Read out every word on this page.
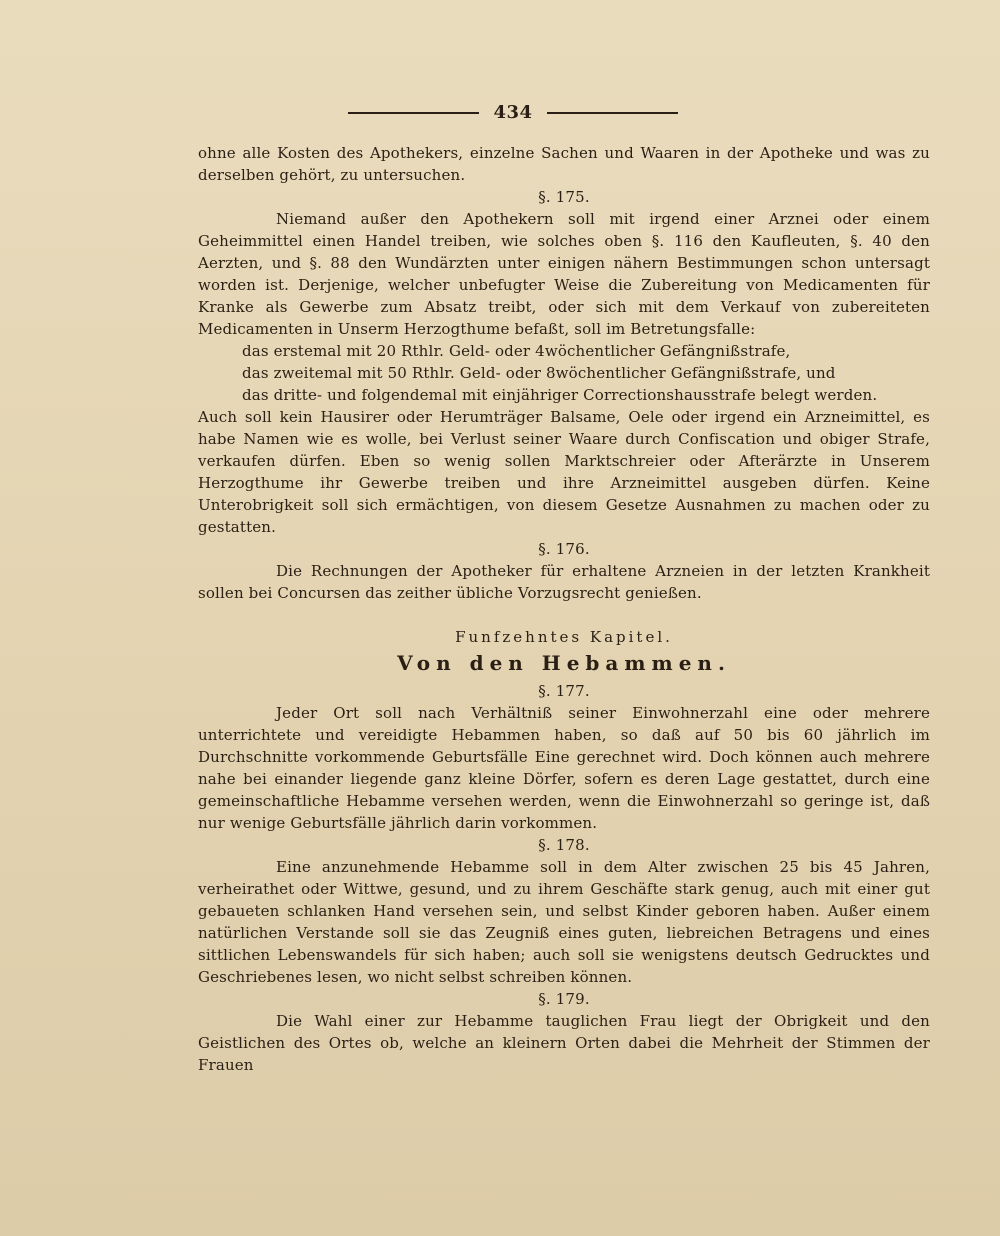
434

ohne alle Kosten des Apothekers, einzelne Sachen und Waaren in der Apotheke und was zu derselben gehört, zu untersuchen.

§. 175.

Niemand außer den Apothekern soll mit irgend einer Arznei oder einem Geheimmittel einen Handel treiben, wie solches oben §. 116 den Kaufleuten, §. 40 den Aerzten, und §. 88 den Wundärzten unter einigen nähern Bestimmungen schon untersagt worden ist. Derjenige, welcher unbefugter Weise die Zubereitung von Medicamenten für Kranke als Gewerbe zum Absatz treibt, oder sich mit dem Verkauf von zubereiteten Medicamenten in Unserm Herzogthume befaßt, soll im Betretungsfalle:

das erstemal mit 20 Rthlr. Geld- oder 4wöchentlicher Gefängnißstrafe,

das zweitemal mit 50 Rthlr. Geld- oder 8wöchentlicher Gefängnißstrafe, und

das dritte- und folgendemal mit einjähriger Correctionshausstrafe belegt werden.

Auch soll kein Hausirer oder Herumträger Balsame, Oele oder irgend ein Arzneimittel, es habe Namen wie es wolle, bei Verlust seiner Waare durch Confiscation und obiger Strafe, verkaufen dürfen. Eben so wenig sollen Marktschreier oder Afterärzte in Unserem Herzogthume ihr Gewerbe treiben und ihre Arzneimittel ausgeben dürfen. Keine Unterobrigkeit soll sich ermächtigen, von diesem Gesetze Ausnahmen zu machen oder zu gestatten.

§. 176.

Die Rechnungen der Apotheker für erhaltene Arzneien in der letzten Krankheit sollen bei Concursen das zeither übliche Vorzugsrecht genießen.

Funfzehntes Kapitel.

Von den Hebammen.

§. 177.

Jeder Ort soll nach Verhältniß seiner Einwohnerzahl eine oder mehrere unterrichtete und vereidigte Hebammen haben, so daß auf 50 bis 60 jährlich im Durchschnitte vorkommende Geburtsfälle Eine gerechnet wird. Doch können auch mehrere nahe bei einander liegende ganz kleine Dörfer, sofern es deren Lage gestattet, durch eine gemeinschaftliche Hebamme versehen werden, wenn die Einwohnerzahl so geringe ist, daß nur wenige Geburtsfälle jährlich darin vorkommen.

§. 178.

Eine anzunehmende Hebamme soll in dem Alter zwischen 25 bis 45 Jahren, verheirathet oder Wittwe, gesund, und zu ihrem Geschäfte stark genug, auch mit einer gut gebaueten schlanken Hand versehen sein, und selbst Kinder geboren haben. Außer einem natürlichen Verstande soll sie das Zeugniß eines guten, liebreichen Betragens und eines sittlichen Lebenswandels für sich haben; auch soll sie wenigstens deutsch Gedrucktes und Geschriebenes lesen, wo nicht selbst schreiben können.

§. 179.

Die Wahl einer zur Hebamme tauglichen Frau liegt der Obrigkeit und den Geistlichen des Ortes ob, welche an kleinern Orten dabei die Mehrheit der Stimmen der Frauen
